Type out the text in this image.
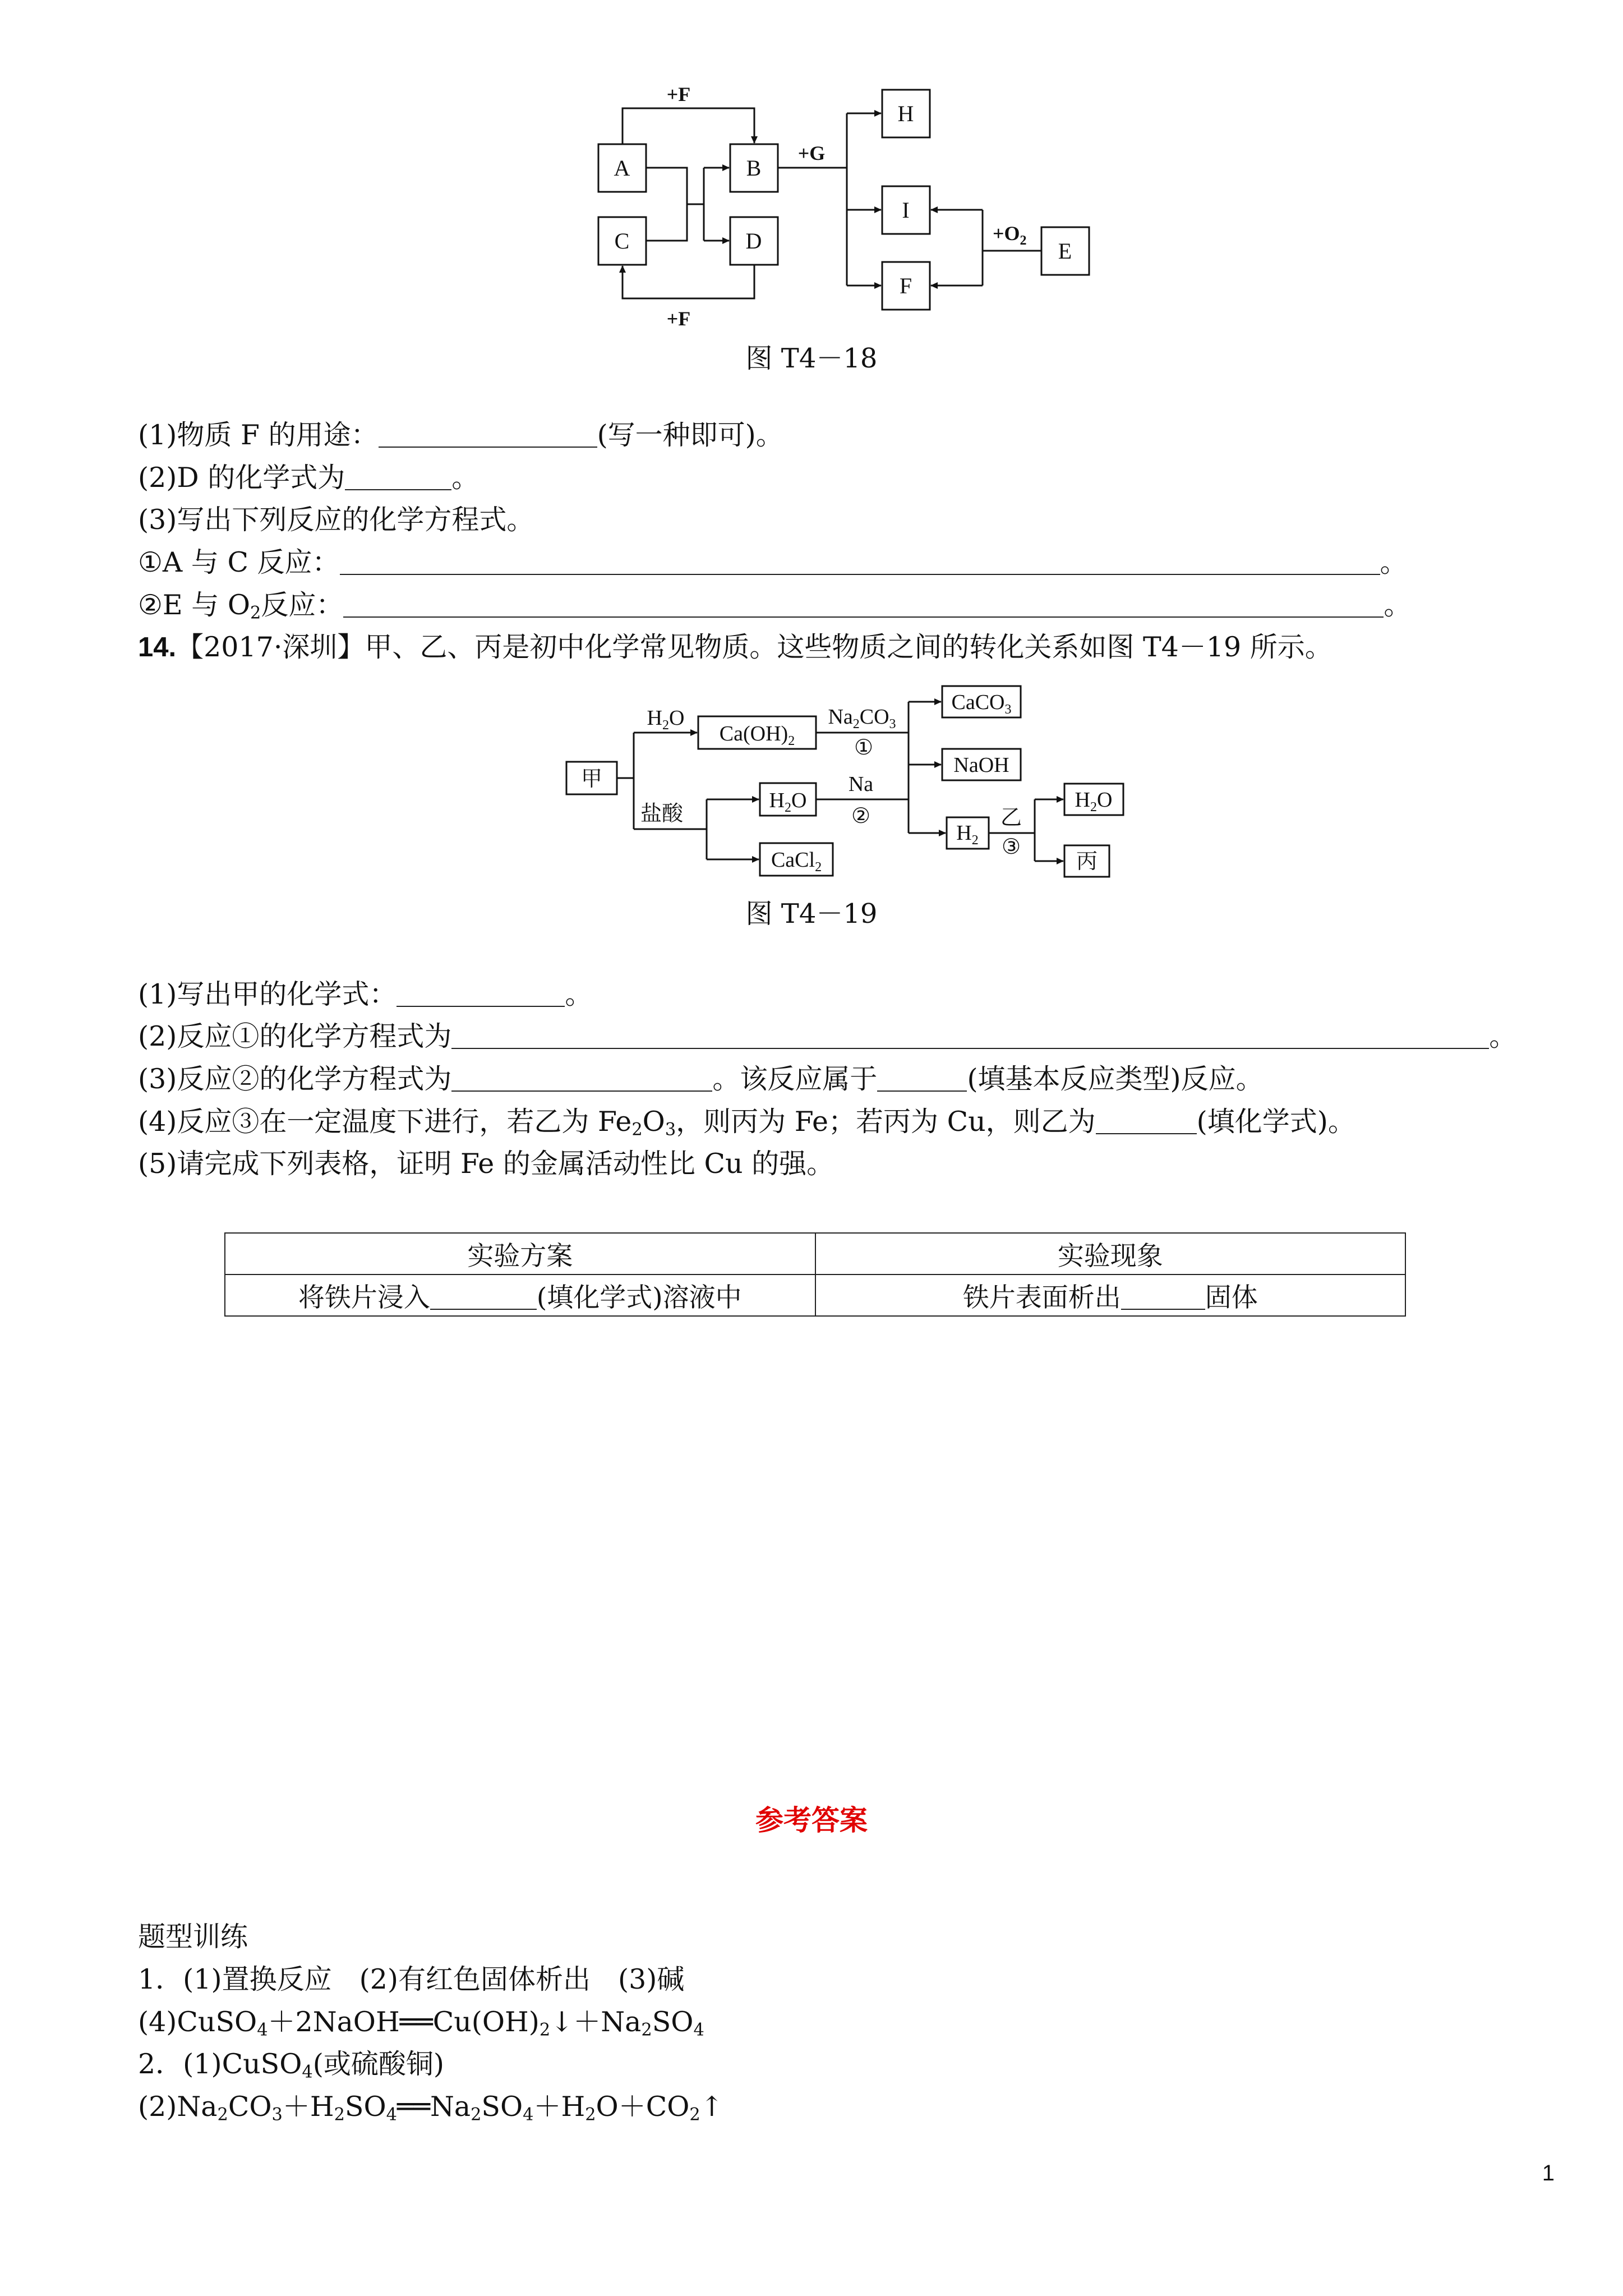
A
C
B
D
H
I
F
E
+F
+F
+G
$+O_2$
图 T4－18
(1)物质 F 的用途：	(写一种即可)。
(2)D 的化学式为	。
(3)写出下列反应的化学方程式。
①A 与 C 反应：	。
②E 与 $O_2$反应：	。
14.【2017·深圳】甲、乙、丙是初中化学常见物质。这些物质之间的转化关系如图 T4－19 所示。
甲
$Ca(OH)_2$
CaCO$_3$
NaOH
$H_2O$
CaCl$_2$
$H_2$
$H_2O$
丙
$H_2O$	$Na_2CO_3$
①
盐酸
Na
②	乙
③
图 T4－19
(1)写出甲的化学式：	。
(2)反应①的化学方程式为	。
(3)反应②的化学方程式为	。该反应属于	(填基本反应类型)反应。
(4)反应③在一定温度下进行，若乙为 $Fe_2O_3$，则丙为 Fe；若丙为 Cu，则乙为	(填化学式)。
(5)请完成下列表格，证明 Fe 的金属活动性比 Cu 的强。
实验方案	实验现象
将铁片浸入 (填化学式)溶液中	铁片表面析出 固体
参考答案
题型训练
1．(1)置换反应　(2)有红色固体析出　(3)碱
$(4)CuSO_4+2NaOH══Cu(OH)_2↓+Na_2SO_4$
2．(1)CuSO$_4$(或硫酸铜)
$(2)Na_2CO_3+H_2SO_4══Na_2SO_4+H_2O+CO_2↑$
1
